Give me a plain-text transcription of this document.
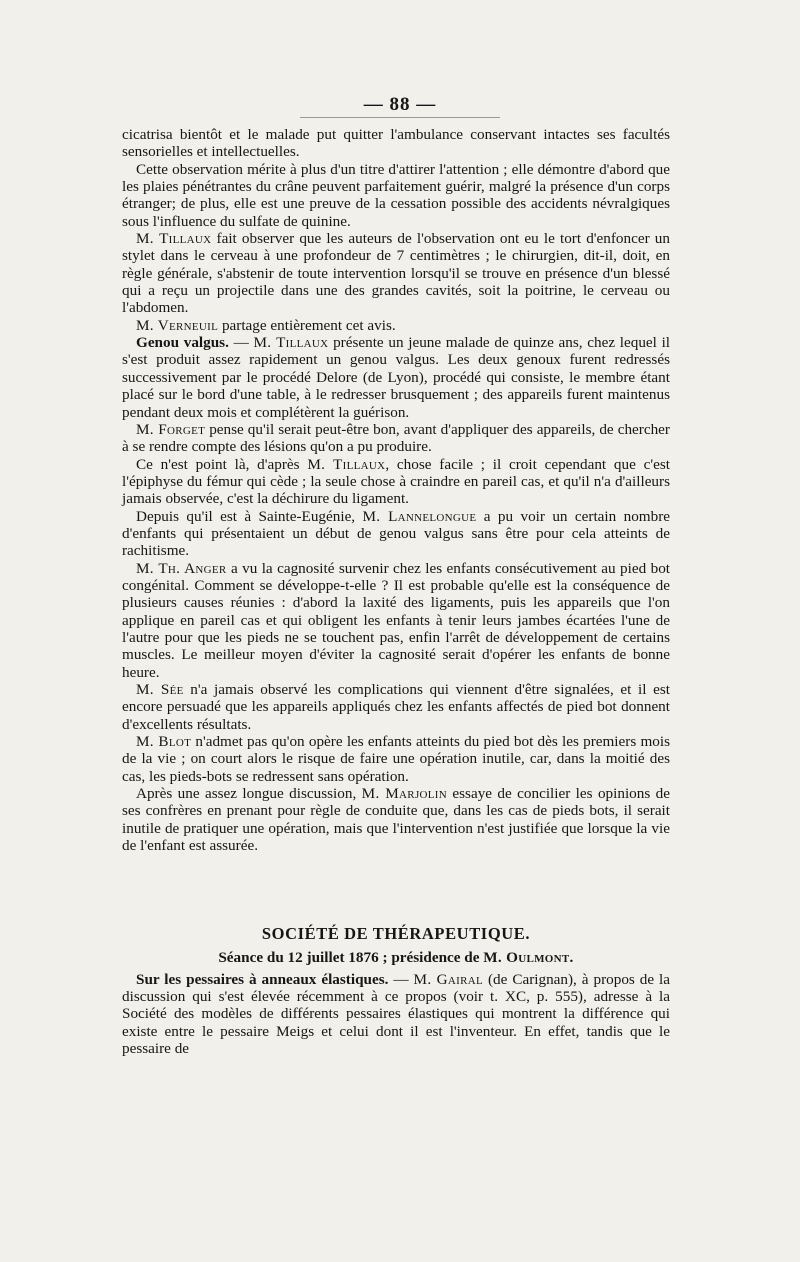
— 88 —

cicatrisa bientôt et le malade put quitter l'ambulance conservant intactes ses facultés sensorielles et intellectuelles.

Cette observation mérite à plus d'un titre d'attirer l'attention ; elle démontre d'abord que les plaies pénétrantes du crâne peuvent parfaitement guérir, malgré la présence d'un corps étranger; de plus, elle est une preuve de la cessation possible des accidents névralgiques sous l'influence du sulfate de quinine.

M. Tillaux fait observer que les auteurs de l'observation ont eu le tort d'enfoncer un stylet dans le cerveau à une profondeur de 7 centimètres ; le chirurgien, dit-il, doit, en règle générale, s'abstenir de toute intervention lorsqu'il se trouve en présence d'un blessé qui a reçu un projectile dans une des grandes cavités, soit la poitrine, le cerveau ou l'abdomen.

M. Verneuil partage entièrement cet avis.

Genou valgus. — M. Tillaux présente un jeune malade de quinze ans, chez lequel il s'est produit assez rapidement un genou valgus. Les deux genoux furent redressés successivement par le procédé Delore (de Lyon), procédé qui consiste, le membre étant placé sur le bord d'une table, à le redresser brusquement ; des appareils furent maintenus pendant deux mois et complétèrent la guérison.

M. Forget pense qu'il serait peut-être bon, avant d'appliquer des appareils, de chercher à se rendre compte des lésions qu'on a pu produire.

Ce n'est point là, d'après M. Tillaux, chose facile ; il croit cependant que c'est l'épiphyse du fémur qui cède ; la seule chose à craindre en pareil cas, et qu'il n'a d'ailleurs jamais observée, c'est la déchirure du ligament.

Depuis qu'il est à Sainte-Eugénie, M. Lannelongue a pu voir un certain nombre d'enfants qui présentaient un début de genou valgus sans être pour cela atteints de rachitisme.

M. Th. Anger a vu la cagnosité survenir chez les enfants consécutivement au pied bot congénital. Comment se développe-t-elle ? Il est probable qu'elle est la conséquence de plusieurs causes réunies : d'abord la laxité des ligaments, puis les appareils que l'on applique en pareil cas et qui obligent les enfants à tenir leurs jambes écartées l'une de l'autre pour que les pieds ne se touchent pas, enfin l'arrêt de développement de certains muscles. Le meilleur moyen d'éviter la cagnosité serait d'opérer les enfants de bonne heure.

M. Sée n'a jamais observé les complications qui viennent d'être signalées, et il est encore persuadé que les appareils appliqués chez les enfants affectés de pied bot donnent d'excellents résultats.

M. Blot n'admet pas qu'on opère les enfants atteints du pied bot dès les premiers mois de la vie ; on court alors le risque de faire une opération inutile, car, dans la moitié des cas, les pieds-bots se redressent sans opération.

Après une assez longue discussion, M. Marjolin essaye de concilier les opinions de ses confrères en prenant pour règle de conduite que, dans les cas de pieds bots, il serait inutile de pratiquer une opération, mais que l'intervention n'est justifiée que lorsque la vie de l'enfant est assurée.

SOCIÉTÉ DE THÉRAPEUTIQUE.
Séance du 12 juillet 1876 ; présidence de M. Oulmont.

Sur les pessaires à anneaux élastiques. — M. Gairal (de Carignan), à propos de la discussion qui s'est élevée récemment à ce propos (voir t. XC, p. 555), adresse à la Société des modèles de différents pessaires élastiques qui montrent la différence qui existe entre le pessaire Meigs et celui dont il est l'inventeur. En effet, tandis que le pessaire de
